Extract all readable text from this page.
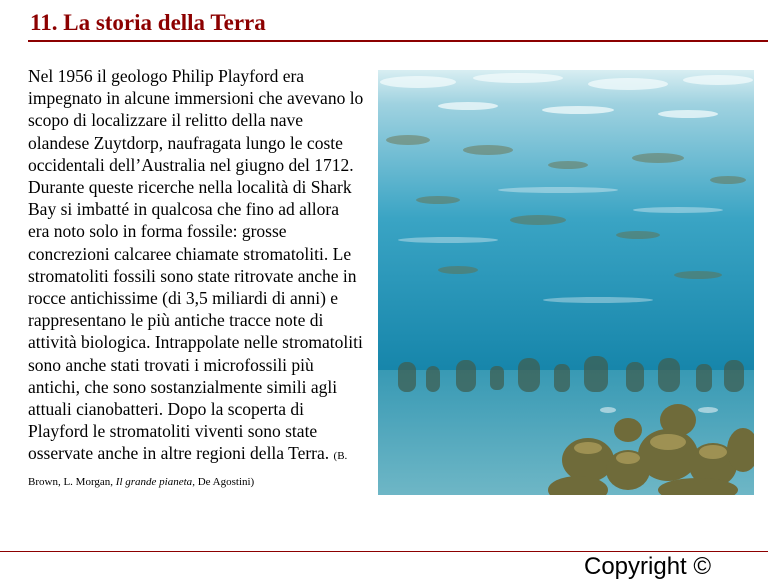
11. La storia della Terra
Nel 1956 il geologo Philip Playford era impegnato in alcune immersioni che avevano lo scopo di localizzare il relitto della nave olandese Zuytdorp, naufragata lungo le coste occidentali dell’Australia nel giugno del 1712. Durante queste ricerche nella località di Shark Bay si imbatté in qualcosa che fino ad allora era noto solo in forma fossile: grosse concrezioni calcaree chiamate stromatoliti. Le stromatoliti fossili sono state ritrovate anche in rocce antichissime (di 3,5 miliardi di anni) e rappresentano le più antiche tracce note di attività biologica. Intrappolate nelle stromatoliti sono anche stati trovati i microfossili più antichi, che sono sostanzialmente simili agli attuali cianobatteri. Dopo la scoperta di Playford le stromatoliti viventi sono state osservate anche in altre regioni della Terra. (B. Brown, L. Morgan, Il grande pianeta, De Agostini)
Copyright ©
